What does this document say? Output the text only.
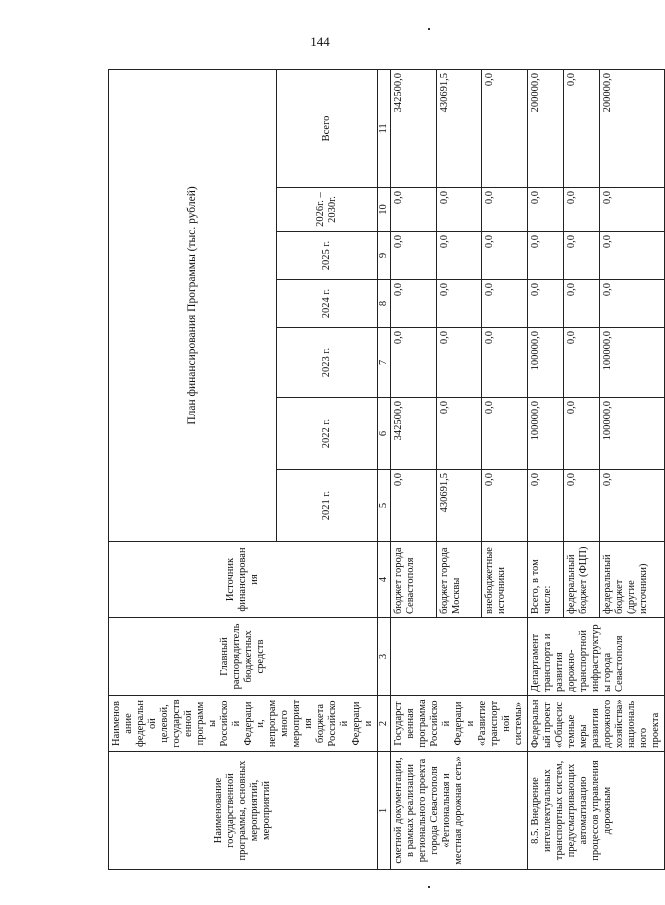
144
Наименование государственной программы, основных мероприятий, мероприятий	Наименование федеральной целевой, государственной программы Российской Федерации, непрограммного мероприятия бюджета Российской Федерации	Главный распорядитель бюджетных средств	Источник финансирования	План финансирования Программы (тыс. рублей)						
				2021 г.	2022 г.	2023 г.	2024 г.	2025 г.	2026г. – 2030г.	Всего
1	2	3	4	5	6	7	8	9	10	11
сметной документации, в рамках реализации регионального проекта города Севастополя «Региональная и местная дорожная сеть»	Государственная программа Российской Федерации «Развитие транспортной системы»		бюджет города Севастополя	0,0	342500,0	0,0	0,0	0,0	0,0	342500,0
			бюджет города Москвы	430691,5	0,0	0,0	0,0	0,0	0,0	430691,5
			внебюджетные источники	0,0	0,0	0,0	0,0	0,0	0,0	0,0
8.5. Внедрение интеллектуальных транспортных систем, предусматривающих автоматизацию процессов управления дорожным	Федеральный проект «Общесистемные меры развития дорожного хозяйства» национального проекта	Департамент транспорта и развития дорожно-транспортной инфраструктуры города Севастополя	Всего, в том числе:	0,0	100000,0	100000,0	0,0	0,0	0,0	200000,0
			федеральный бюджет (ФЦП)	0,0	0,0	0,0	0,0	0,0	0,0	0,0
			федеральный бюджет (другие источники)	0,0	100000,0	100000,0	0,0	0,0	0,0	200000,0
